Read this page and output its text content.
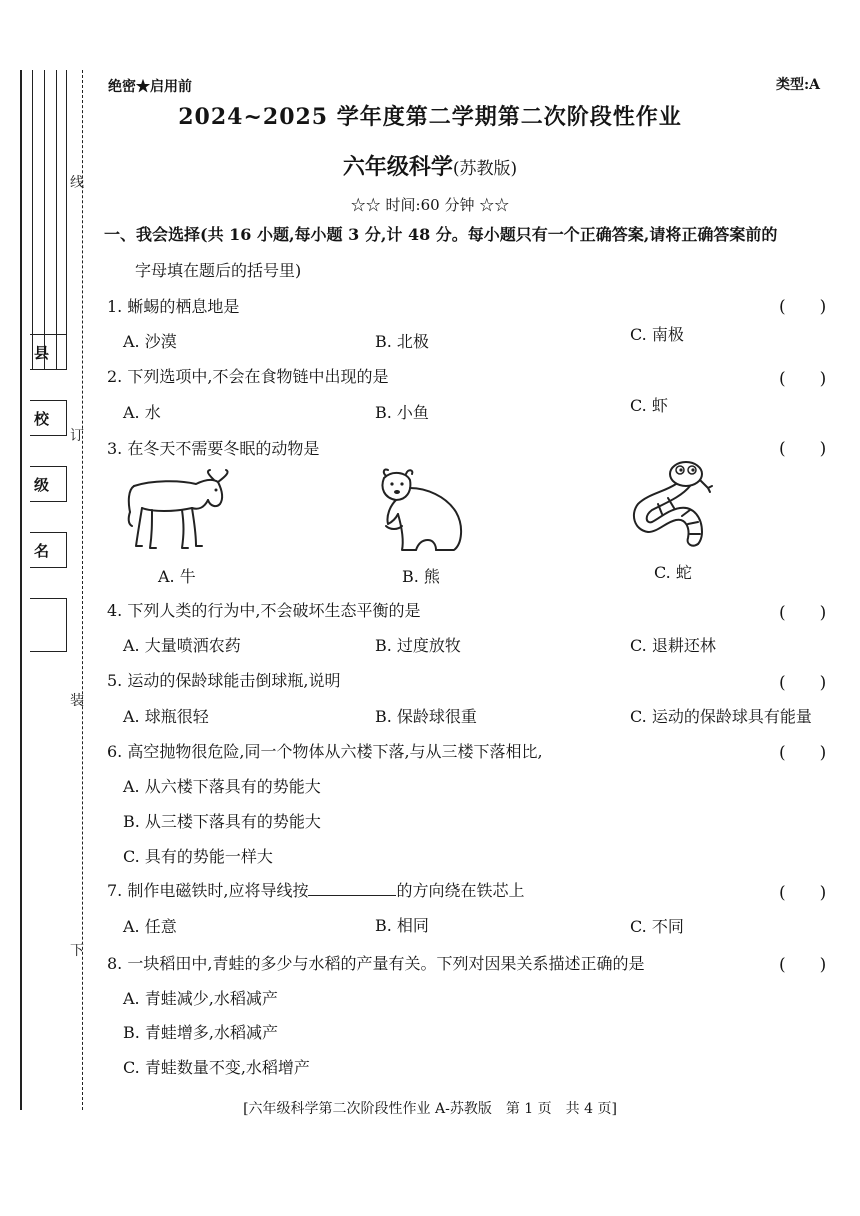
线
订
装
下
县
校
级
名
绝密★启用前	类型:A
2024~2025 学年度第二学期第二次阶段性作业
六年级科学(苏教版)
☆☆ 时间:60 分钟 ☆☆
一、我会选择(共 16 小题,每小题 3 分,计 48 分。每小题只有一个正确答案,请将正确答案前的
字母填在题后的括号里)
1. 蜥蜴的栖息地是	(　　)
A. 沙漠	B. 北极	C. 南极
2. 下列选项中,不会在食物链中出现的是	(　　)
A. 水	B. 小鱼	C. 虾
3. 在冬天不需要冬眠的动物是	(　　)
A. 牛	B. 熊	C. 蛇
4. 下列人类的行为中,不会破坏生态平衡的是	(　　)
A. 大量喷洒农药	B. 过度放牧	C. 退耕还林
5. 运动的保龄球能击倒球瓶,说明	(　　)
A. 球瓶很轻	B. 保龄球很重	C. 运动的保龄球具有能量
6. 高空抛物很危险,同一个物体从六楼下落,与从三楼下落相比,	(　　)
A. 从六楼下落具有的势能大
B. 从三楼下落具有的势能大
C. 具有的势能一样大
7. 制作电磁铁时,应将导线按	的方向绕在铁芯上	(　　)
A. 任意	B. 相同	C. 不同
8. 一块稻田中,青蛙的多少与水稻的产量有关。下列对因果关系描述正确的是	(　　)
A. 青蛙减少,水稻减产
B. 青蛙增多,水稻减产
C. 青蛙数量不变,水稻增产
[六年级科学第二次阶段性作业 A-苏教版　第 1 页　共 4 页]
